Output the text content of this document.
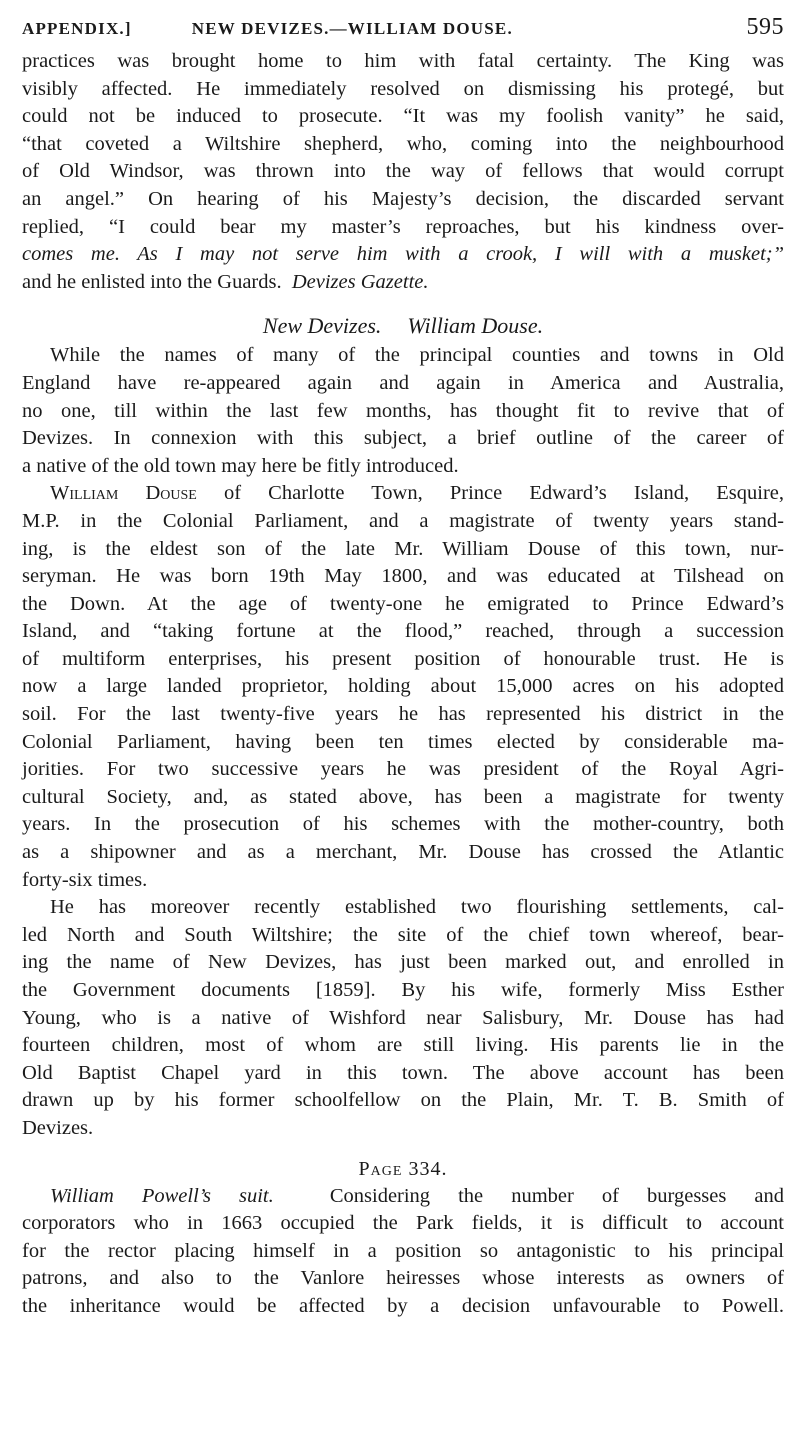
APPENDIX.]	NEW DEVIZES.—WILLIAM DOUSE.	595
practices was brought home to him with fatal certainty. The King was
visibly affected. He immediately resolved on dismissing his protegé, but
could not be induced to prosecute. “It was my foolish vanity” he said,
“that coveted a Wiltshire shepherd, who, coming into the neighbourhood
of Old Windsor, was thrown into the way of fellows that would corrupt
an angel.” On hearing of his Majesty’s decision, the discarded servant
replied, “I could bear my master’s reproaches, but his kindness over-
comes me. As I may not serve him with a crook, I will with a musket;”
and he enlisted into the Guards. Devizes Gazette.
New Devizes. William Douse.
While the names of many of the principal counties and towns in Old
England have re-appeared again and again in America and Australia,
no one, till within the last few months, has thought fit to revive that of
Devizes. In connexion with this subject, a brief outline of the career of
a native of the old town may here be fitly introduced.
William Douse of Charlotte Town, Prince Edward’s Island, Esquire,
M.P. in the Colonial Parliament, and a magistrate of twenty years stand-
ing, is the eldest son of the late Mr. William Douse of this town, nur-
seryman. He was born 19th May 1800, and was educated at Tilshead on
the Down. At the age of twenty-one he emigrated to Prince Edward’s
Island, and “taking fortune at the flood,” reached, through a succession
of multiform enterprises, his present position of honourable trust. He is
now a large landed proprietor, holding about 15,000 acres on his adopted
soil. For the last twenty-five years he has represented his district in the
Colonial Parliament, having been ten times elected by considerable ma-
jorities. For two successive years he was president of the Royal Agri-
cultural Society, and, as stated above, has been a magistrate for twenty
years. In the prosecution of his schemes with the mother-country, both
as a shipowner and as a merchant, Mr. Douse has crossed the Atlantic
forty-six times.
He has moreover recently established two flourishing settlements, cal-
led North and South Wiltshire; the site of the chief town whereof, bear-
ing the name of New Devizes, has just been marked out, and enrolled in
the Government documents [1859]. By his wife, formerly Miss Esther
Young, who is a native of Wishford near Salisbury, Mr. Douse has had
fourteen children, most of whom are still living. His parents lie in the
Old Baptist Chapel yard in this town. The above account has been
drawn up by his former schoolfellow on the Plain, Mr. T. B. Smith of
Devizes.
Page 334.
William Powell’s suit.	Considering the number of burgesses and
corporators who in 1663 occupied the Park fields, it is difficult to account
for the rector placing himself in a position so antagonistic to his principal
patrons, and also to the Vanlore heiresses whose interests as owners of
the inheritance would be affected by a decision unfavourable to Powell.
